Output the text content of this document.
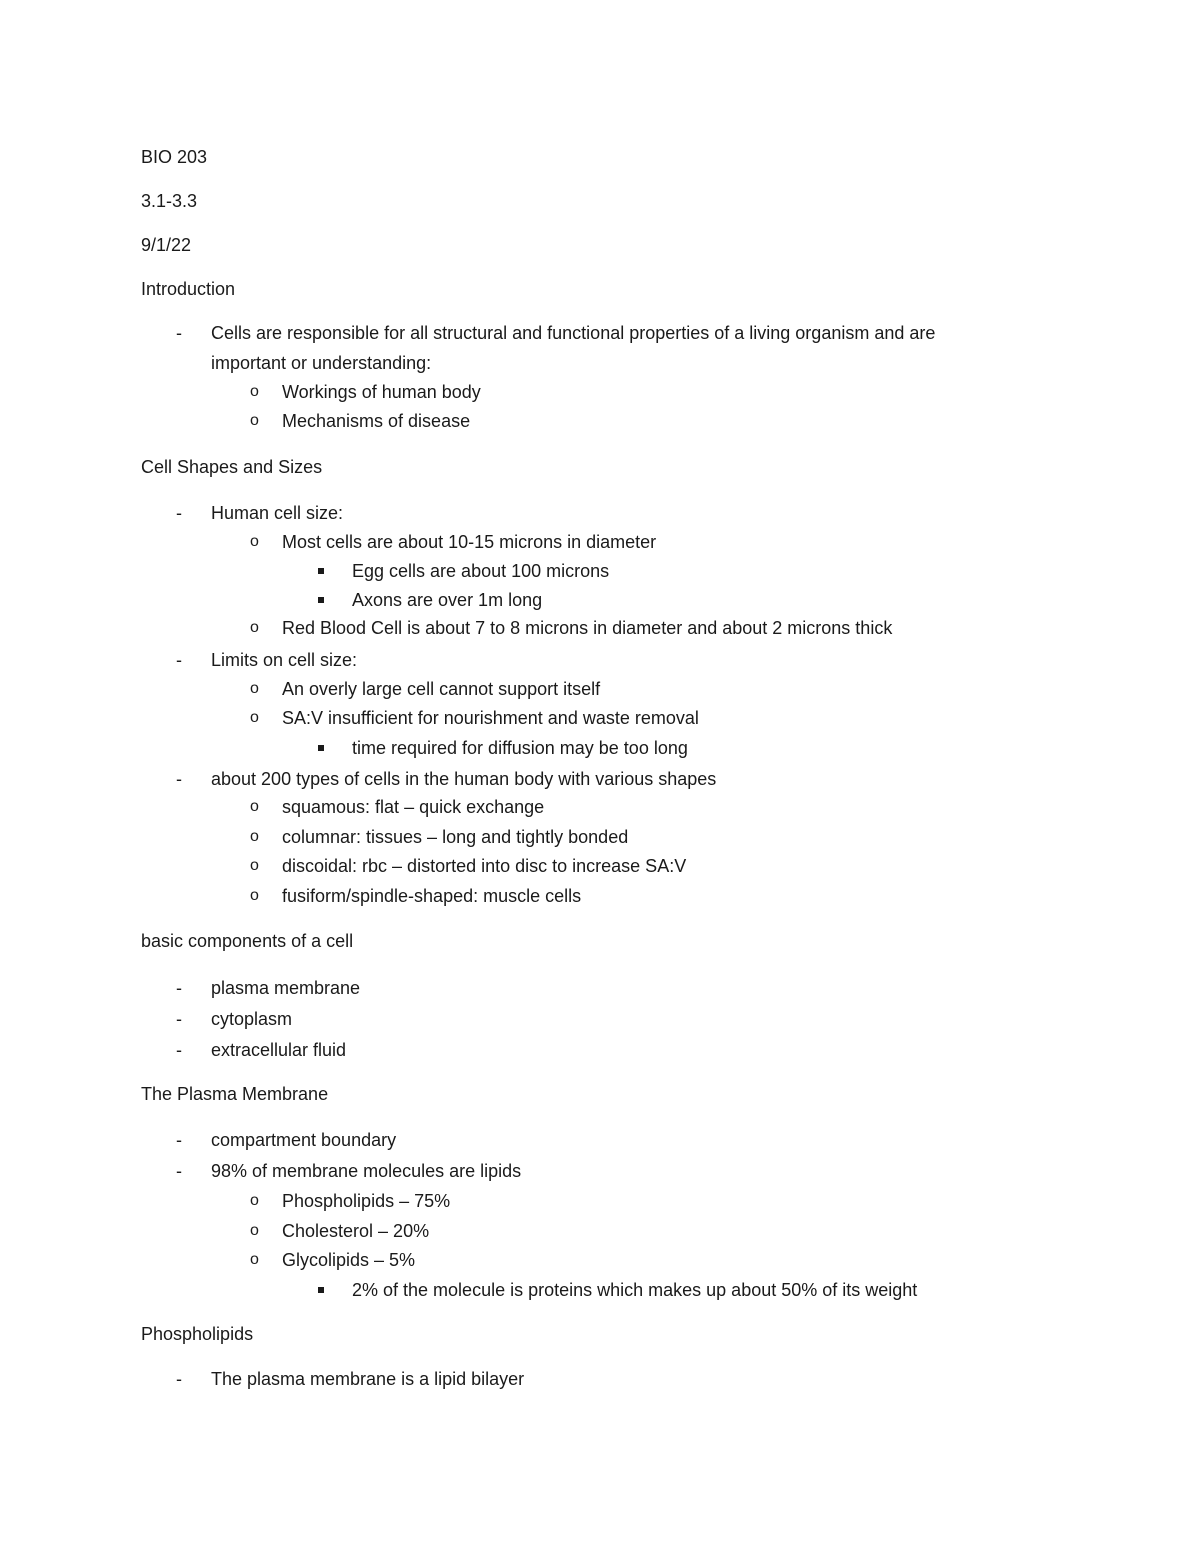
BIO 203
3.1-3.3
9/1/22
Introduction
- Cells are responsible for all structural and functional properties of a living organism and are
important or understanding:
o Workings of human body
o Mechanisms of disease
Cell Shapes and Sizes
- Human cell size:
o Most cells are about 10-15 microns in diameter
Egg cells are about 100 microns
Axons are over 1m long
o Red Blood Cell is about 7 to 8 microns in diameter and about 2 microns thick
- Limits on cell size:
o An overly large cell cannot support itself
o SA:V insufficient for nourishment and waste removal
time required for diffusion may be too long
- about 200 types of cells in the human body with various shapes
o squamous: flat – quick exchange
o columnar: tissues – long and tightly bonded
o discoidal: rbc – distorted into disc to increase SA:V
o fusiform/spindle-shaped: muscle cells
basic components of a cell
- plasma membrane
- cytoplasm
- extracellular fluid
The Plasma Membrane
- compartment boundary
- 98% of membrane molecules are lipids
o Phospholipids – 75%
o Cholesterol – 20%
o Glycolipids – 5%
2% of the molecule is proteins which makes up about 50% of its weight
Phospholipids
- The plasma membrane is a lipid bilayer
